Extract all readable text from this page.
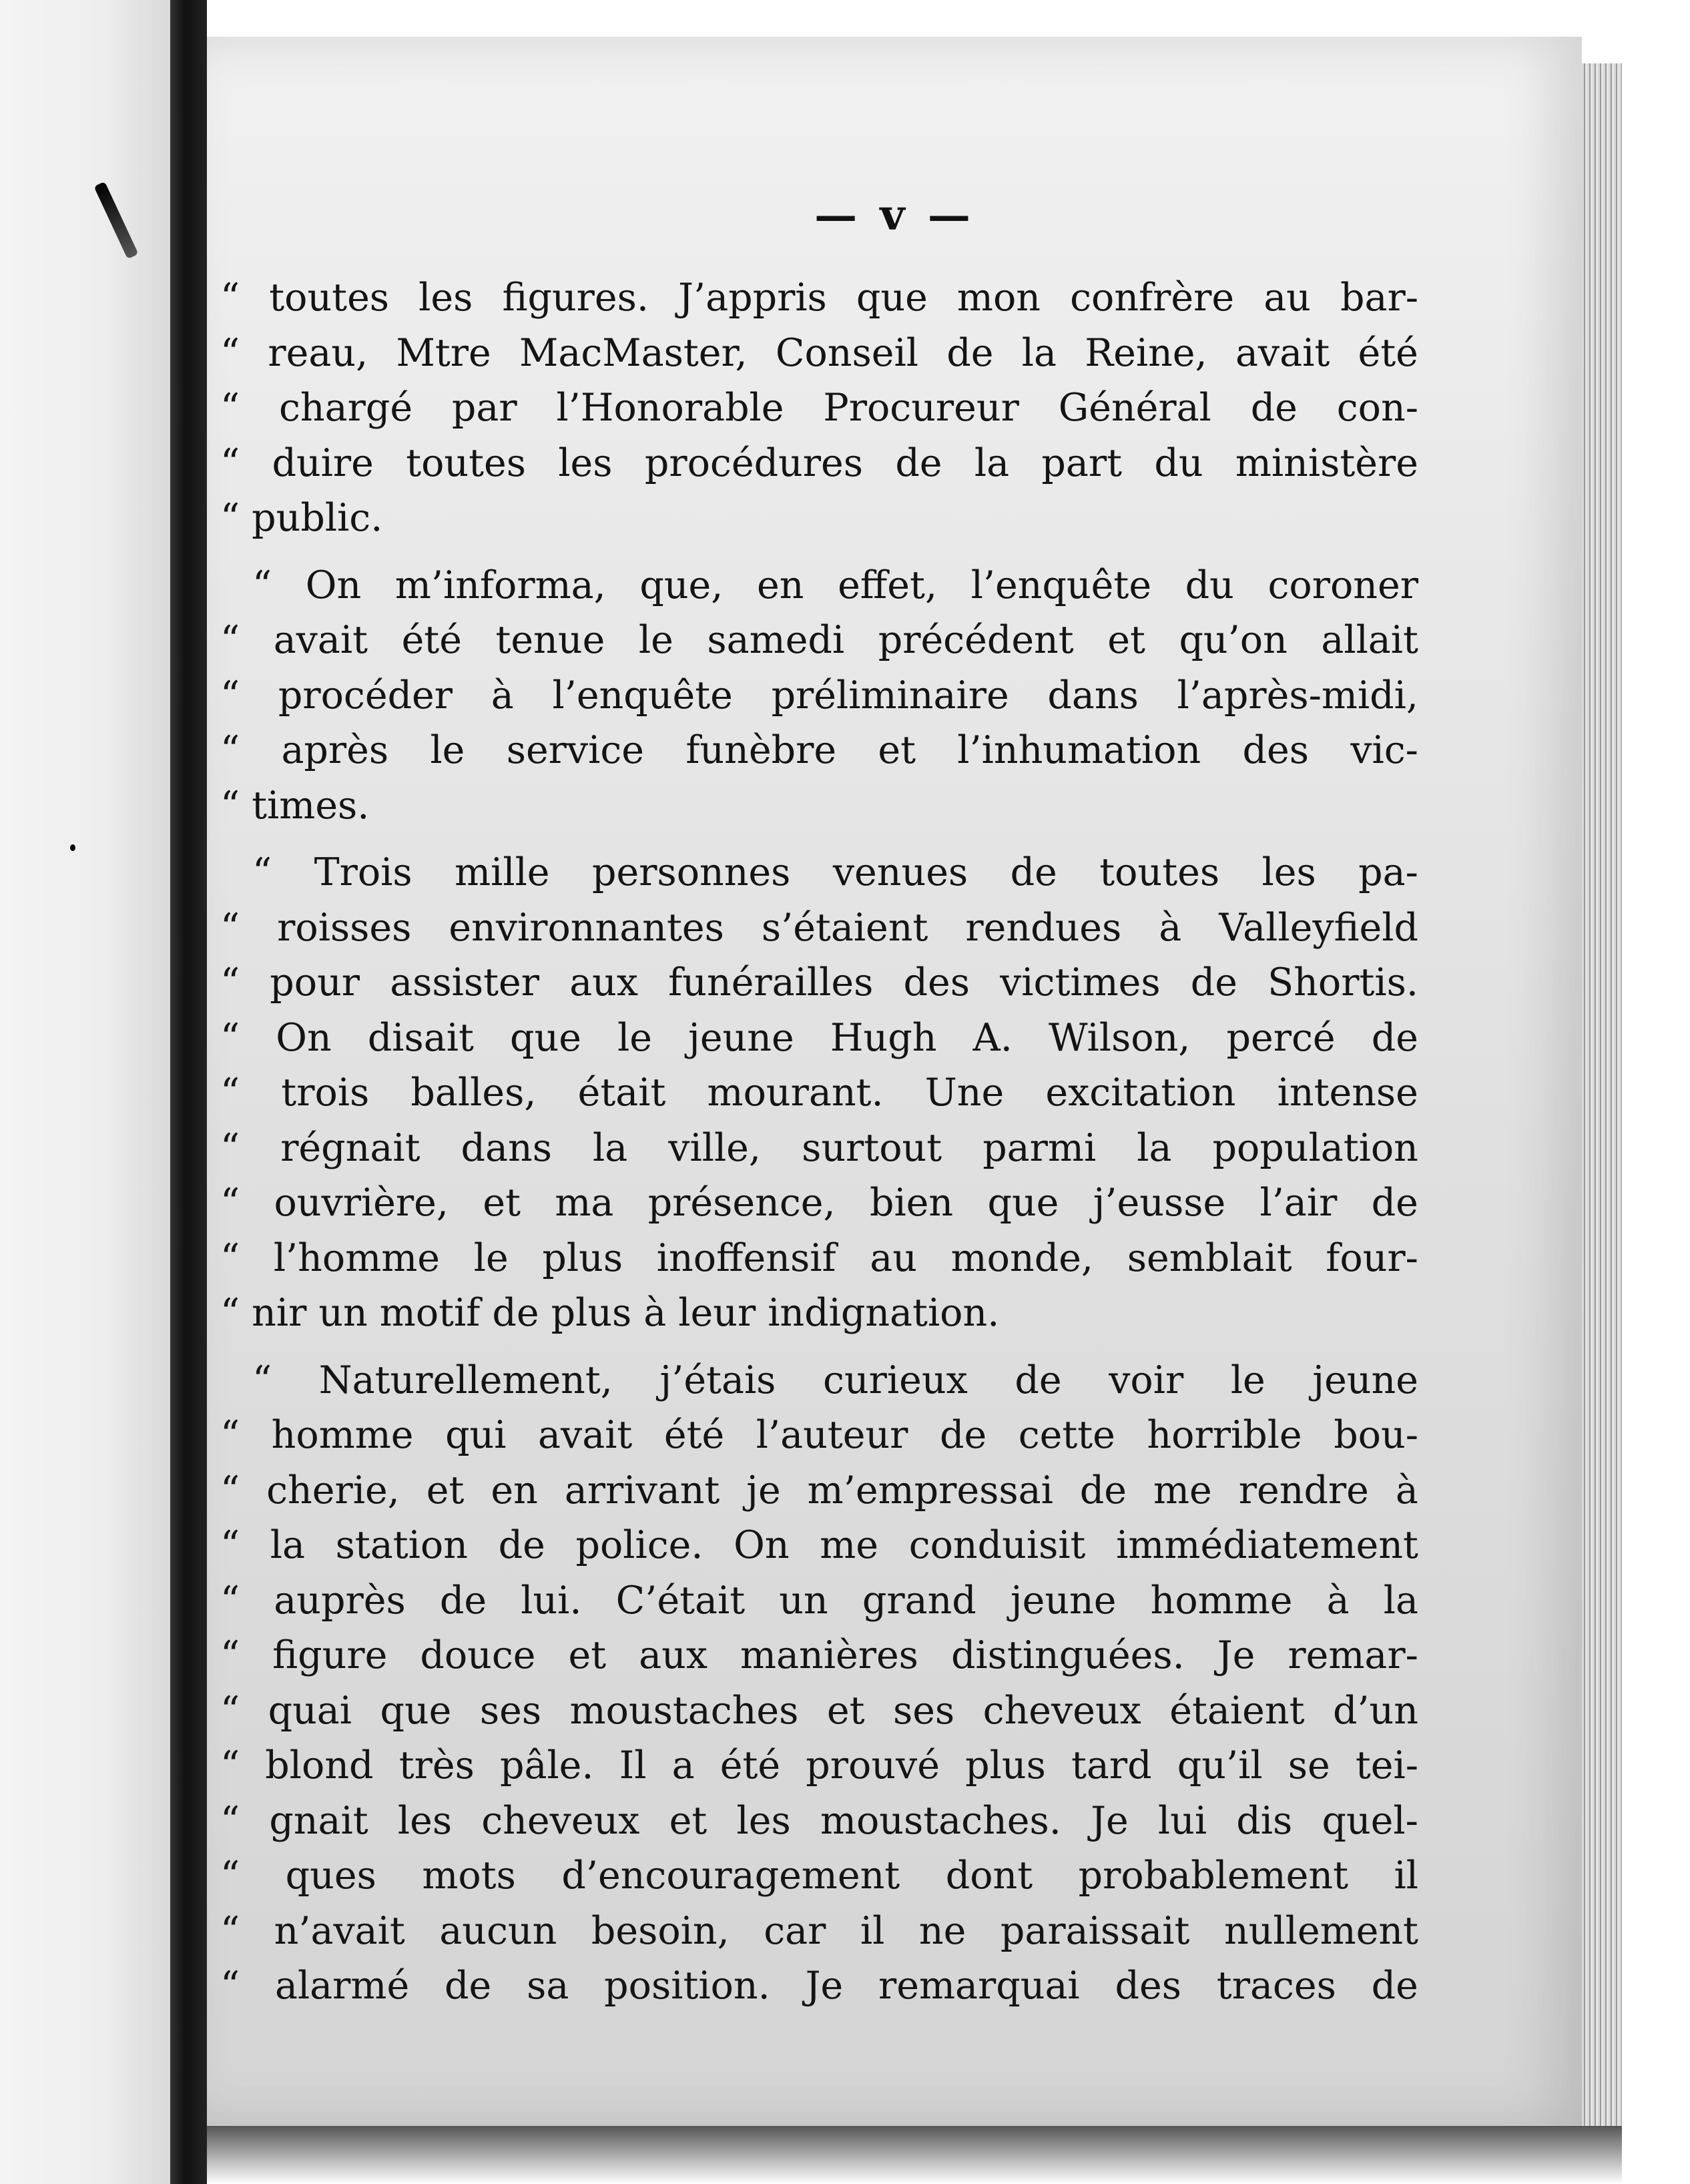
— v —
“ toutes les figures. J’appris que mon confrère au bar-
“ reau, Mtre MacMaster, Conseil de la Reine, avait été
“ chargé par l’Honorable Procureur Général de con-
“ duire toutes les procédures de la part du ministère
“ public.
“ On m’informa, que, en effet, l’enquête du coroner
“ avait été tenue le samedi précédent et qu’on allait
“ procéder à l’enquête préliminaire dans l’après-midi,
“ après le service funèbre et l’inhumation des vic-
“ times.
“ Trois mille personnes venues de toutes les pa-
“ roisses environnantes s’étaient rendues à Valleyfield
“ pour assister aux funérailles des victimes de Shortis.
“ On disait que le jeune Hugh A. Wilson, percé de
“ trois balles, était mourant. Une excitation intense
“ régnait dans la ville, surtout parmi la population
“ ouvrière, et ma présence, bien que j’eusse l’air de
“ l’homme le plus inoffensif au monde, semblait four-
“ nir un motif de plus à leur indignation.
“ Naturellement, j’étais curieux de voir le jeune
“ homme qui avait été l’auteur de cette horrible bou-
“ cherie, et en arrivant je m’empressai de me rendre à
“ la station de police. On me conduisit immédiatement
“ auprès de lui. C’était un grand jeune homme à la
“ figure douce et aux manières distinguées. Je remar-
“ quai que ses moustaches et ses cheveux étaient d’un
“ blond très pâle. Il a été prouvé plus tard qu’il se tei-
“ gnait les cheveux et les moustaches. Je lui dis quel-
“ ques mots d’encouragement dont probablement il
“ n’avait aucun besoin, car il ne paraissait nullement
“ alarmé de sa position. Je remarquai des traces de
